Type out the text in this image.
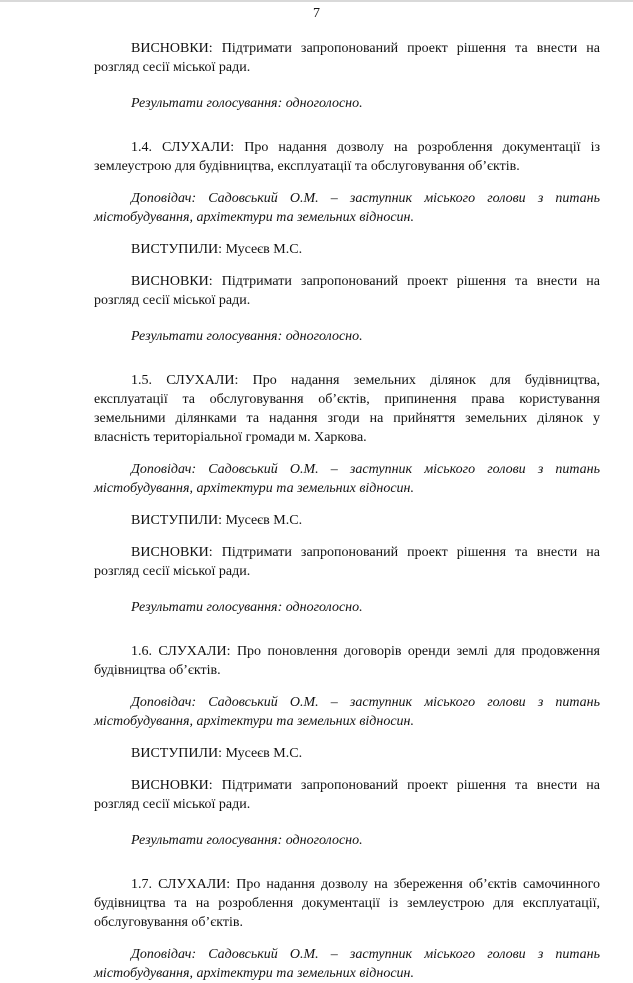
7

ВИСНОВКИ: Підтримати запропонований проект рішення та внести на розгляд сесії міської ради.

Результати голосування: одноголосно.

1.4. СЛУХАЛИ: Про надання дозволу на розроблення документації із землеустрою для будівництва, експлуатації та обслуговування об’єктів.

Доповідач: Садовський О.М. – заступник міського голови з питань містобудування, архітектури та земельних відносин.

ВИСТУПИЛИ: Мусеєв М.С.

ВИСНОВКИ: Підтримати запропонований проект рішення та внести на розгляд сесії міської ради.

Результати голосування: одноголосно.

1.5. СЛУХАЛИ: Про надання земельних ділянок для будівництва, експлуатації та обслуговування об’єктів, припинення права користування земельними ділянками та надання згоди на прийняття земельних ділянок у власність територіальної громади м. Харкова.

Доповідач: Садовський О.М. – заступник міського голови з питань містобудування, архітектури та земельних відносин.

ВИСТУПИЛИ: Мусеєв М.С.

ВИСНОВКИ: Підтримати запропонований проект рішення та внести на розгляд сесії міської ради.

Результати голосування: одноголосно.

1.6. СЛУХАЛИ: Про поновлення договорів оренди землі для продовження будівництва об’єктів.

Доповідач: Садовський О.М. – заступник міського голови з питань містобудування, архітектури та земельних відносин.

ВИСТУПИЛИ: Мусеєв М.С.

ВИСНОВКИ: Підтримати запропонований проект рішення та внести на розгляд сесії міської ради.

Результати голосування: одноголосно.

1.7. СЛУХАЛИ: Про надання дозволу на збереження об’єктів самочинного будівництва та на розроблення документації із землеустрою для експлуатації, обслуговування об’єктів.

Доповідач: Садовський О.М. – заступник міського голови з питань містобудування, архітектури та земельних відносин.
